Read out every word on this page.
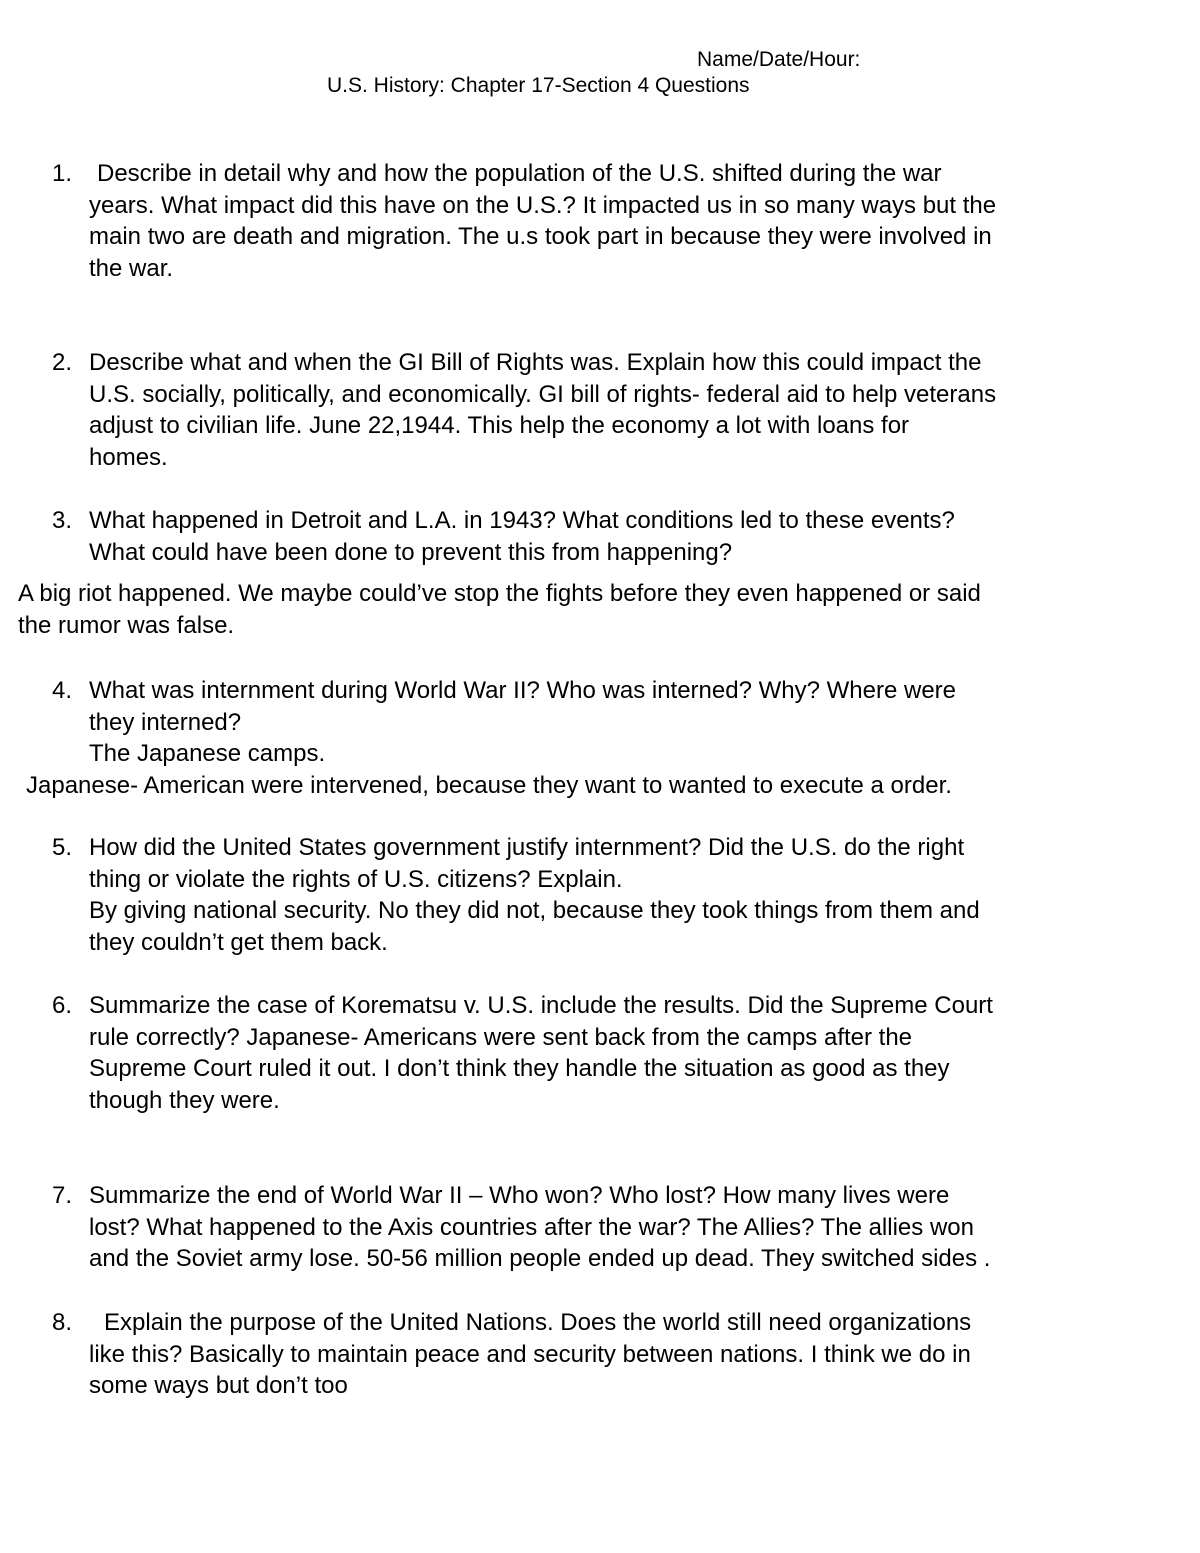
Name/Date/Hour:
U.S. History: Chapter 17-Section 4 Questions
1.	Describe in detail why and how the population of the U.S. shifted during the war
years. What impact did this have on the U.S.? It impacted us in so many ways but the
main two are death and migration. The u.s took part in because they were involved in
the war.
2. Describe what and when the GI Bill of Rights was. Explain how this could impact the
U.S. socially, politically, and economically. GI bill of rights- federal aid to help veterans
adjust to civilian life. June 22,1944. This help the economy a lot with loans for
homes.
3. What happened in Detroit and L.A. in 1943? What conditions led to these events?
What could have been done to prevent this from happening?
A big riot happened. We maybe could’ve stop the fights before they even happened or said
the rumor was false.
4. What was internment during World War II? Who was interned? Why? Where were
they interned?
The Japanese camps.
Japanese- American were intervened, because they want to wanted to execute a order.
5. How did the United States government justify internment? Did the U.S. do the right
thing or violate the rights of U.S. citizens? Explain.
By giving national security. No they did not, because they took things from them and
they couldn’t get them back.
6. Summarize the case of Korematsu v. U.S. include the results. Did the Supreme Court
rule correctly? Japanese- Americans were sent back from the camps after the
Supreme Court ruled it out. I don’t think they handle the situation as good as they
though they were.
7. Summarize the end of World War II – Who won? Who lost? How many lives were
lost? What happened to the Axis countries after the war? The Allies? The allies won
and the Soviet army lose. 50-56 million people ended up dead. They switched sides .
8.	Explain the purpose of the United Nations. Does the world still need organizations
like this? Basically to maintain peace and security between nations. I think we do in
some ways but don’t too
